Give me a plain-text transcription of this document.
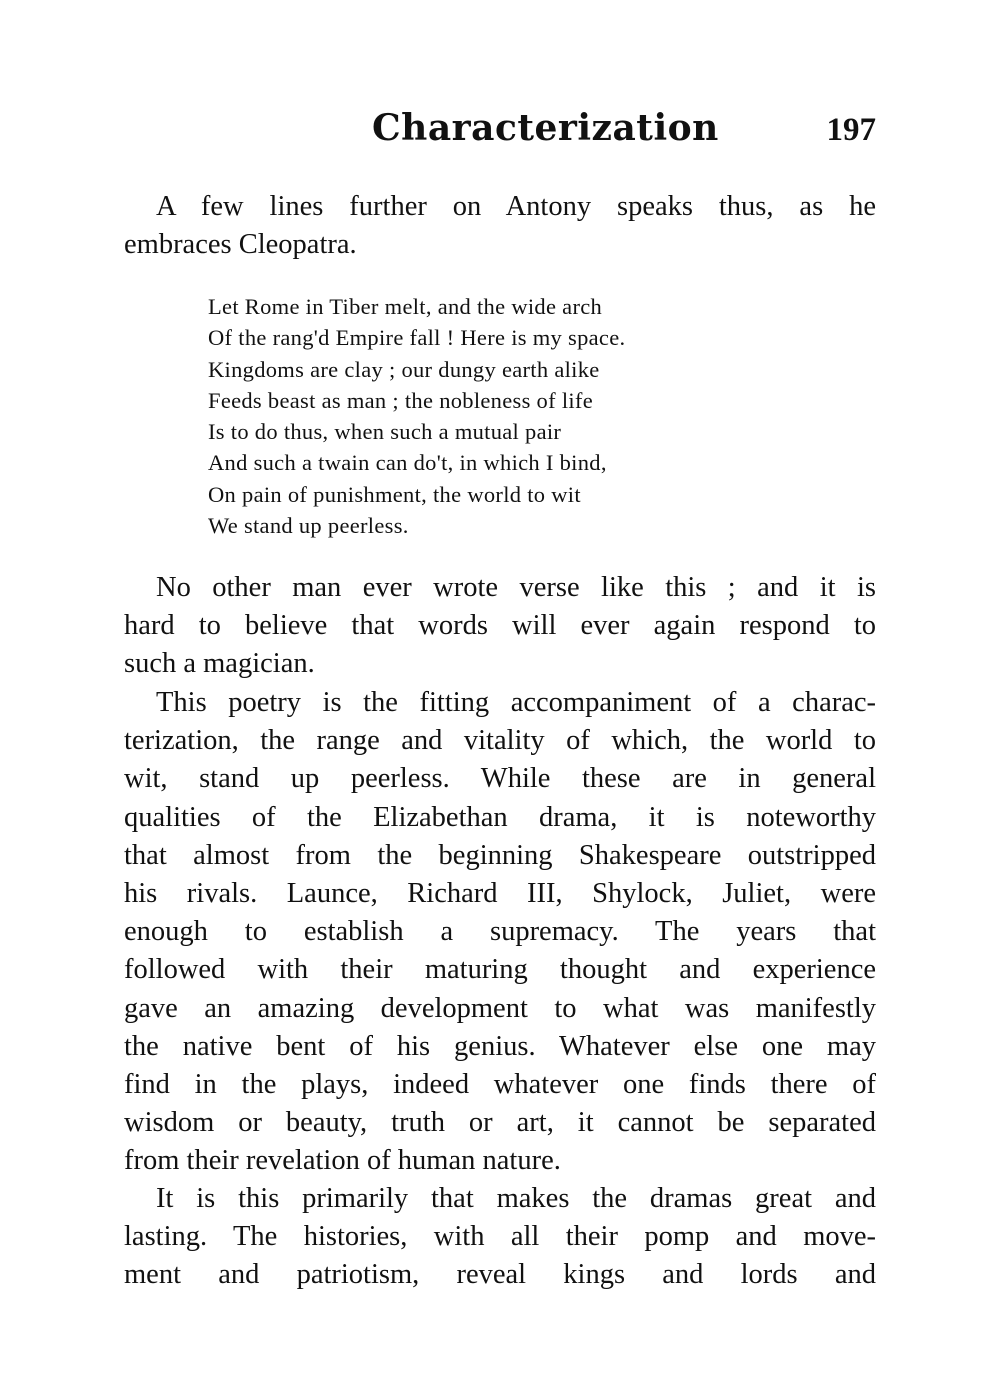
Characterization	197
A few lines further on Antony speaks thus, as he
embraces Cleopatra.
Let Rome in Tiber melt, and the wide arch
Of the rang'd Empire fall ! Here is my space.
Kingdoms are clay ; our dungy earth alike
Feeds beast as man ; the nobleness of life
Is to do thus, when such a mutual pair
And such a twain can do't, in which I bind,
On pain of punishment, the world to wit
We stand up peerless.
No other man ever wrote verse like this ; and it is
hard to believe that words will ever again respond to
such a magician.
This poetry is the fitting accompaniment of a charac-
terization, the range and vitality of which, the world to
wit, stand up peerless. While these are in general
qualities of the Elizabethan drama, it is noteworthy
that almost from the beginning Shakespeare outstripped
his rivals. Launce, Richard III, Shylock, Juliet, were
enough to establish a supremacy. The years that
followed with their maturing thought and experience
gave an amazing development to what was manifestly
the native bent of his genius. Whatever else one may
find in the plays, indeed whatever one finds there of
wisdom or beauty, truth or art, it cannot be separated
from their revelation of human nature.
It is this primarily that makes the dramas great and
lasting. The histories, with all their pomp and move-
ment and patriotism, reveal kings and lords and
